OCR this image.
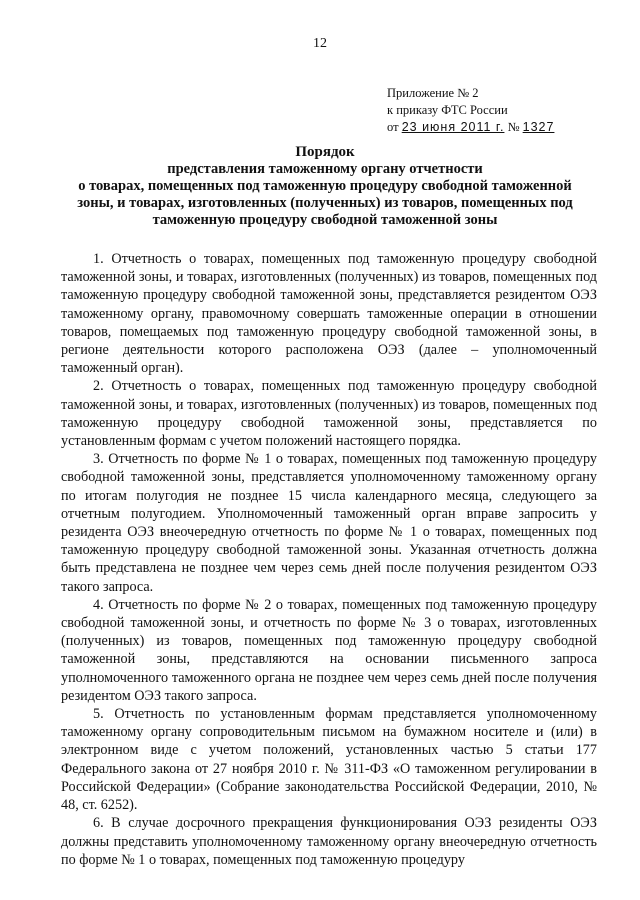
12
Приложение № 2
к приказу ФТС России
от 23 июня 2011 г. № 1327
Порядок
представления таможенному органу отчетности
о товарах, помещенных под таможенную процедуру свободной таможенной
зоны, и товарах, изготовленных (полученных) из товаров, помещенных под
таможенную процедуру свободной таможенной зоны

1. Отчетность о товарах, помещенных под таможенную процедуру свободной таможенной зоны, и товарах, изготовленных (полученных) из товаров, помещенных под таможенную процедуру свободной таможенной зоны, представляется резидентом ОЭЗ таможенному органу, правомочному совершать таможенные операции в отношении товаров, помещаемых под таможенную процедуру свободной таможенной зоны, в регионе деятельности которого расположена ОЭЗ (далее – уполномоченный таможенный орган).

2. Отчетность о товарах, помещенных под таможенную процедуру свободной таможенной зоны, и товарах, изготовленных (полученных) из товаров, помещенных под таможенную процедуру свободной таможенной зоны, представляется по установленным формам с учетом положений настоящего порядка.

3. Отчетность по форме № 1 о товарах, помещенных под таможенную процедуру свободной таможенной зоны, представляется уполномоченному таможенному органу по итогам полугодия не позднее 15 числа календарного месяца, следующего за отчетным полугодием. Уполномоченный таможенный орган вправе запросить у резидента ОЭЗ внеочередную отчетность по форме № 1 о товарах, помещенных под таможенную процедуру свободной таможенной зоны. Указанная отчетность должна быть представлена не позднее чем через семь дней после получения резидентом ОЭЗ такого запроса.

4. Отчетность по форме № 2 о товарах, помещенных под таможенную процедуру свободной таможенной зоны, и отчетность по форме № 3 о товарах, изготовленных (полученных) из товаров, помещенных под таможенную процедуру свободной таможенной зоны, представляются на основании письменного запроса уполномоченного таможенного органа не позднее чем через семь дней после получения резидентом ОЭЗ такого запроса.

5. Отчетность по установленным формам представляется уполномоченному таможенному органу сопроводительным письмом на бумажном носителе и (или) в электронном виде с учетом положений, установленных частью 5 статьи 177 Федерального закона от 27 ноября 2010 г. № 311-ФЗ «О таможенном регулировании в Российской Федерации» (Собрание законодательства Российской Федерации, 2010, № 48, ст. 6252).

6. В случае досрочного прекращения функционирования ОЭЗ резиденты ОЭЗ должны представить уполномоченному таможенному органу внеочередную отчетность по форме № 1 о товарах, помещенных под таможенную процедуру
